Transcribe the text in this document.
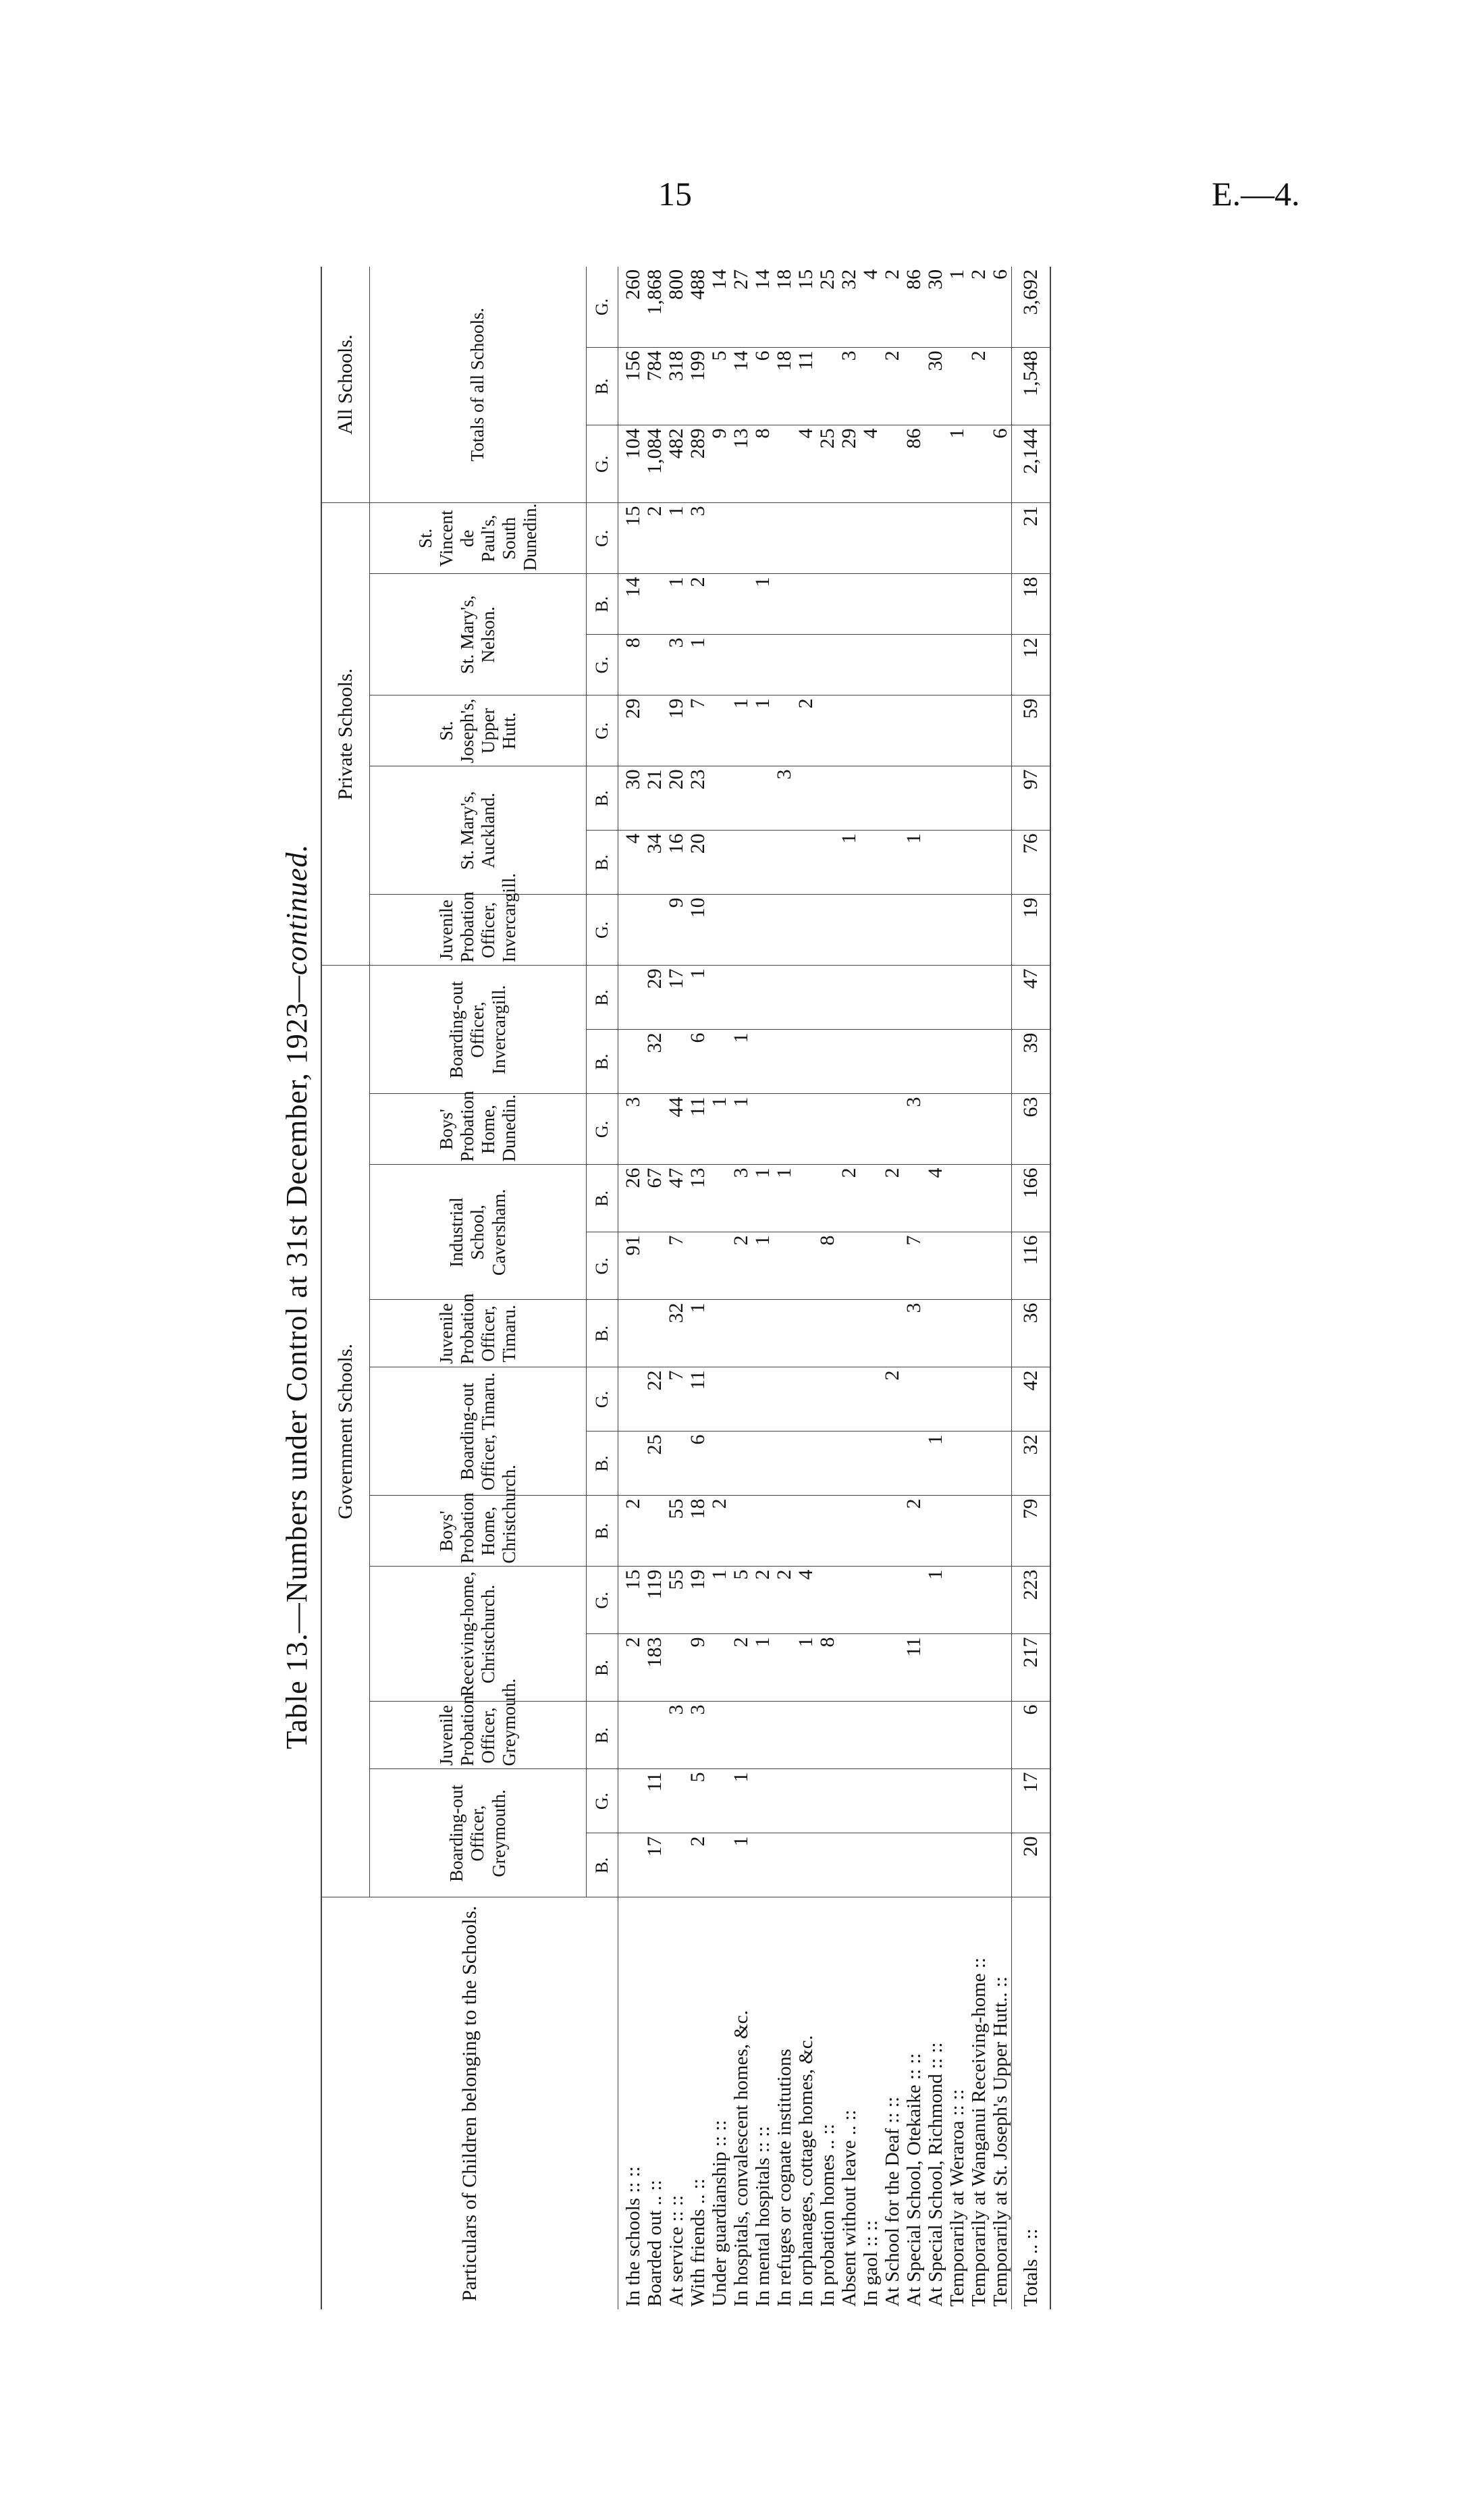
15	E.—4.
Table 13.—Numbers under Control at 31st December, 1923—continued.
Particulars of Children belonging to the Schools.	Government Schools.														Private Schools.							All Schools.		
	Boarding-out Officer, Greymouth.		Juvenile Probation Officer, Greymouth.	Receiving-home, Christchurch.		Boys' Probation Home, Christchurch.	Boarding-out Officer, Timaru.		Juvenile Probation Officer, Timaru.	Industrial School, Caversham.		Boys' Probation Home, Dunedin.	Boarding-out Officer, Invercargill.		Juvenile Probation Officer, Invercargill.	St. Mary's, Auckland.		St. Joseph's, Upper Hutt.	St. Mary's, Nelson.		St. Vincent de Paul's, South Dunedin.	Totals of all Schools.		
	B.	G.	B.	B.	G.	B.	B.	G.	B.	G.	B.	G.	B.	B.	G.	B.	B.	G.	G.	B.	G.	G.	B.	G.
In the schools :: ::				2	15	2				91	26	3				4	30	29	8	14	15	104	156	260
Boarded out .. ::	17	11		183	119		25	22			67		32	29		34	21				2	1,084	784	1,868
At service :: ::			3		55	55		7	32	7	47	44		17	9	16	20	19	3	1	1	482	318	800
With friends .. ::	2	5	3	9	19	18	6	11	1		13	11	6	1	10	20	23	7	1	2	3	289	199	488
Under guardianship :: ::					1	2						1										9	5	14
In hospitals, convalescent homes, &c.	1	1		2	5					2	3	1	1					1				13	14	27
In mental hospitals :: ::				1	2					1	1							1		1		8	6	14
In refuges or cognate institutions					2						1						3						18	18
In orphanages, cottage homes, &c.				1	4													2				4	11	15
In probation homes .. ::				8						8												25		25
Absent without leave .. ::											2					1						29	3	32
In gaol :: ::																						4		4
At School for the Deaf :: ::								2			2												2	2
At Special School, Otekaike :: ::				11		2			3	7		3				1						86		86
At Special School, Richmond :: ::					1		1				4												30	30
Temporarily at Weraroa :: ::																						1		1
Temporarily at Wanganui Receiving-home ::																							2	2
Temporarily at St. Joseph's Upper Hutt.. ::																						6		6
Totals .. ::	20	17	6	217	223	79	32	42	36	116	166	63	39	47	19	76	97	59	12	18	21	2,144	1,548	3,692
